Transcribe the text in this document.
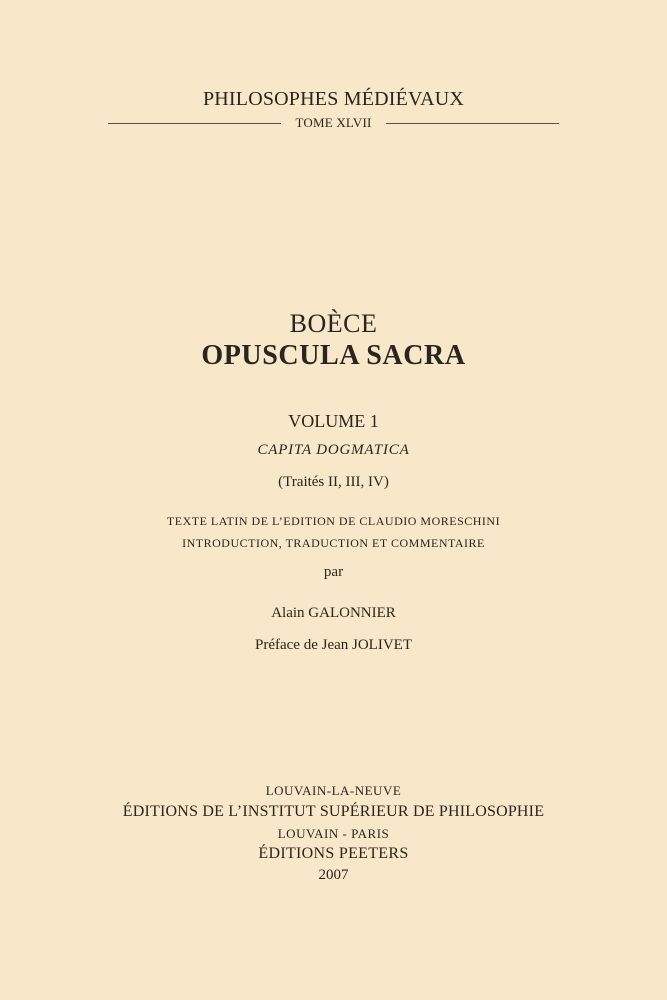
PHILOSOPHES MÉDIÉVAUX
TOME XLVII
BOÈCE
OPUSCULA SACRA
VOLUME 1
CAPITA DOGMATICA
(Traités II, III, IV)
TEXTE LATIN DE L’EDITION DE CLAUDIO MORESCHINI
INTRODUCTION, TRADUCTION ET COMMENTAIRE
par
Alain GALONNIER
Préface de Jean JOLIVET
LOUVAIN-LA-NEUVE
ÉDITIONS DE L’INSTITUT SUPÉRIEUR DE PHILOSOPHIE
LOUVAIN - PARIS
ÉDITIONS PEETERS
2007
